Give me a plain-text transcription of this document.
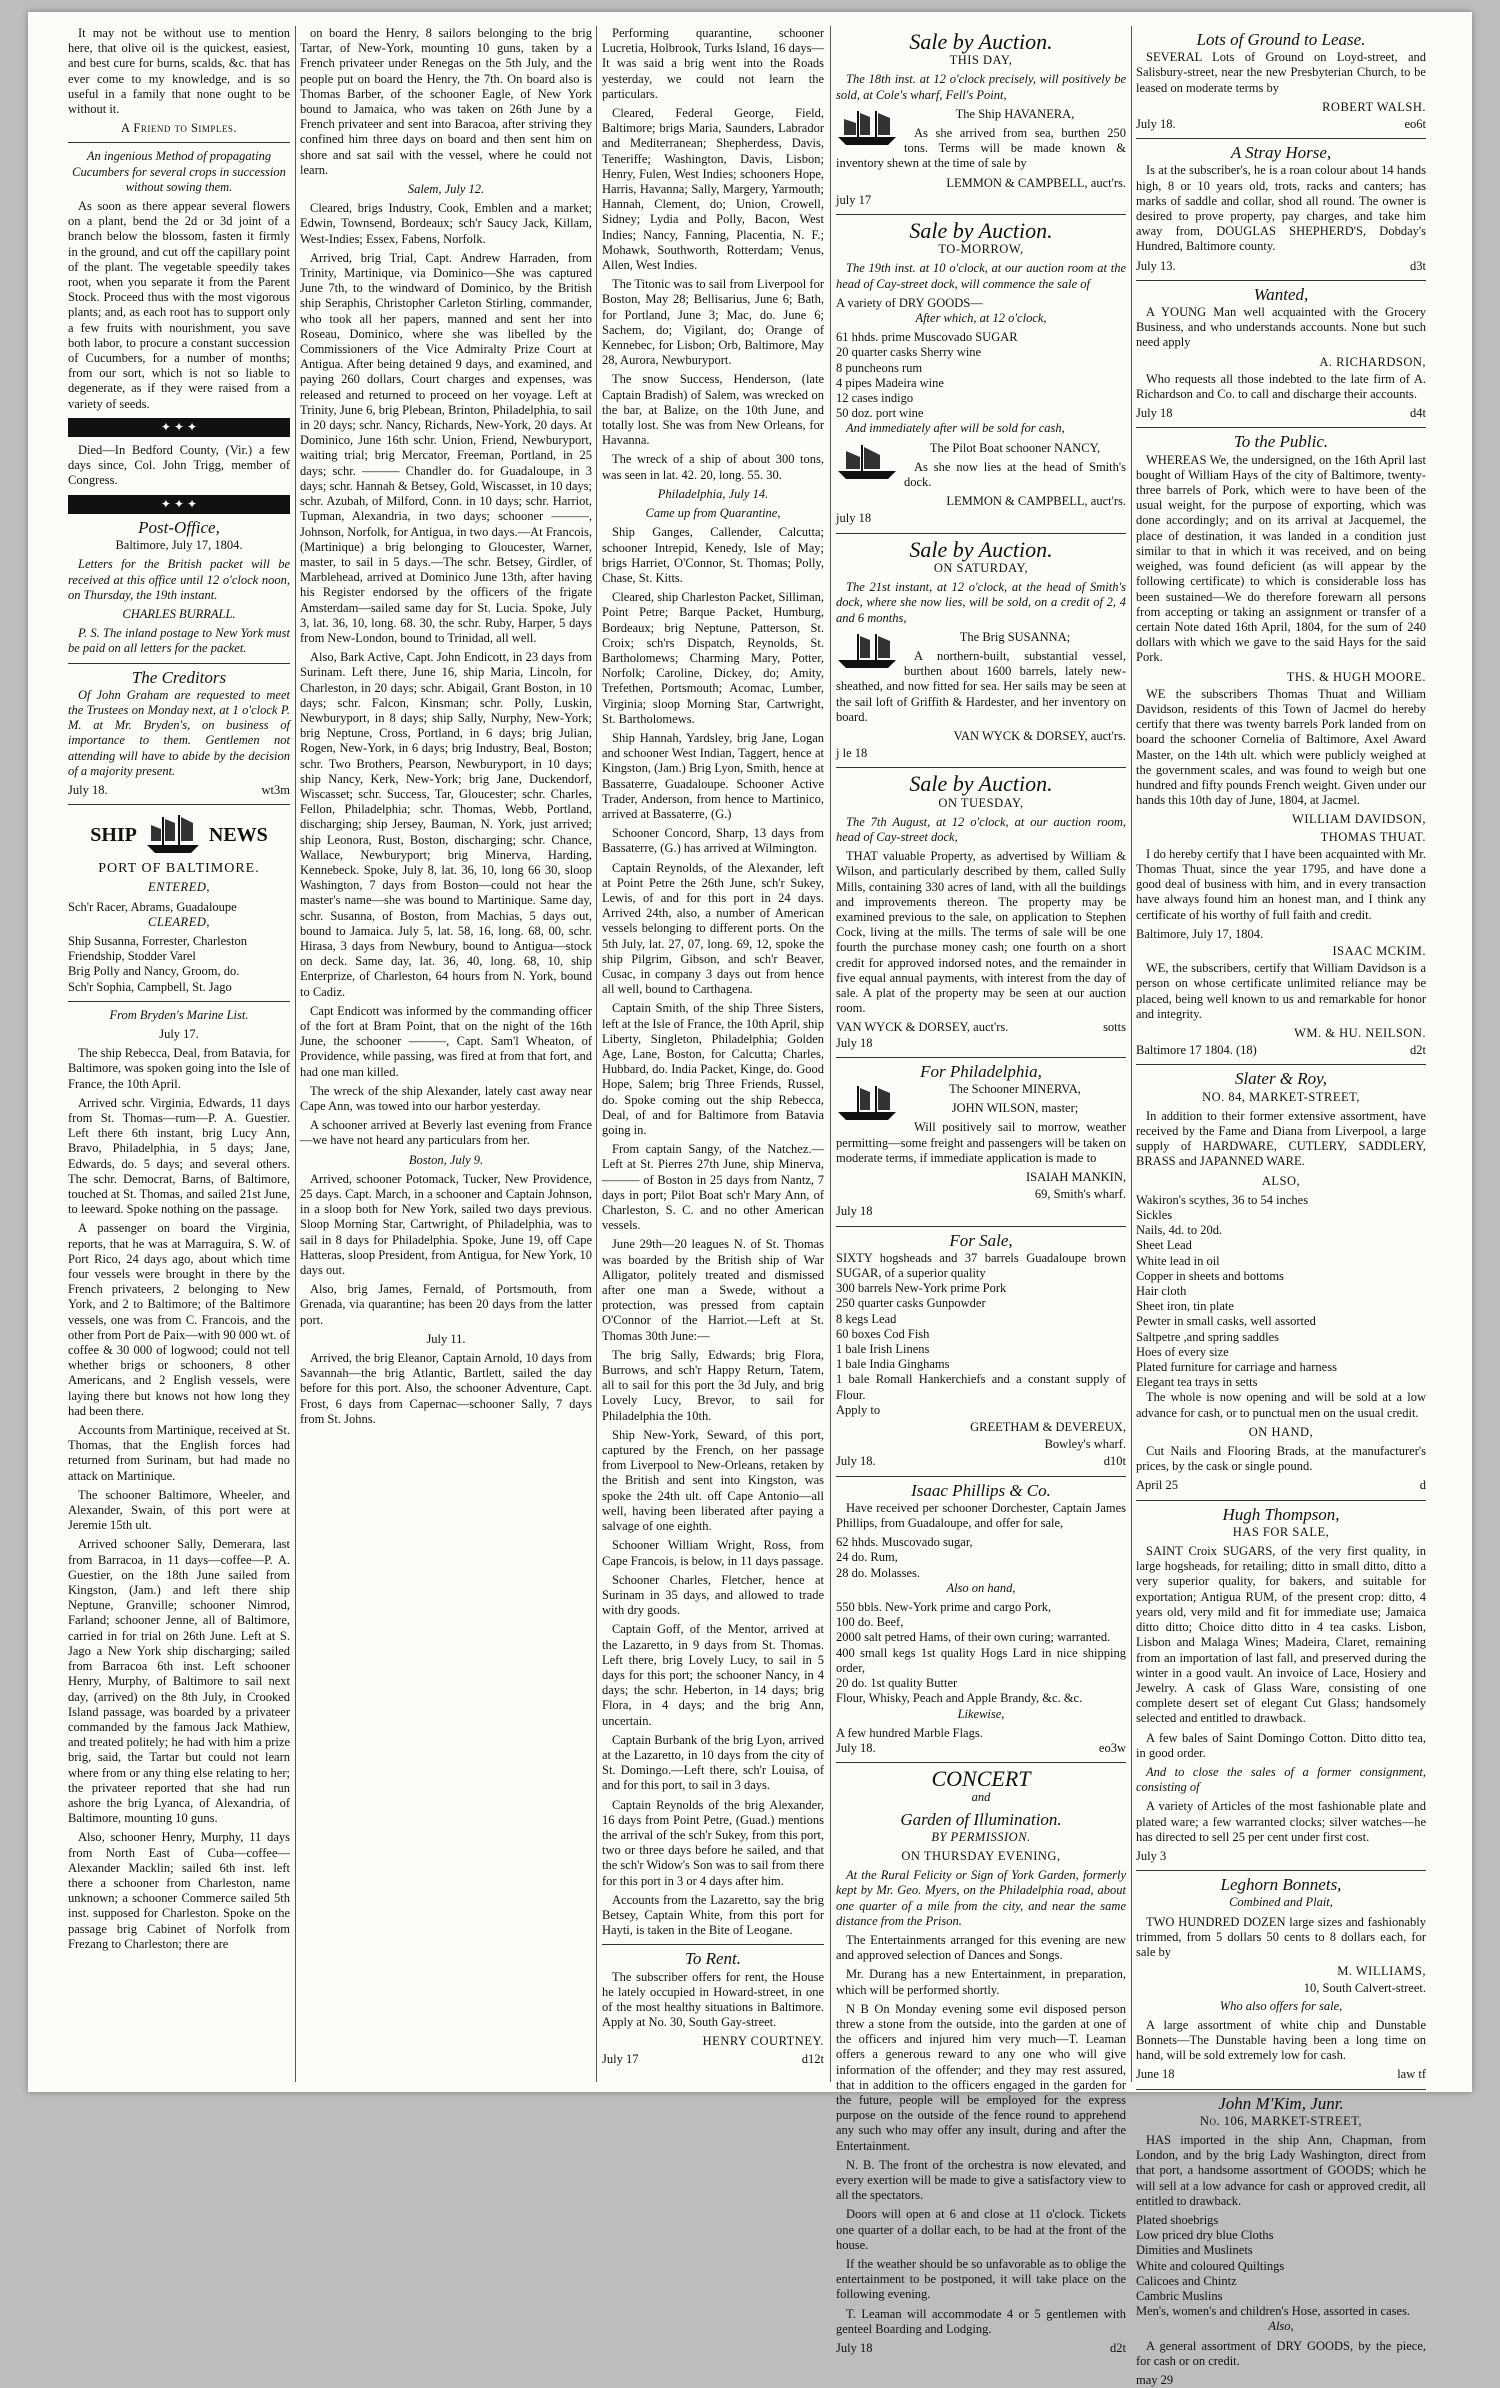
It may not be without use to mention here, that olive oil is the quickest, easiest, and best cure for burns, scalds, &c. that has ever come to my knowledge, and is so useful in a family that none ought to be without it.

A Friend to Simples.

An ingenious Method of propagating Cucumbers for several crops in succession without sowing them.

As soon as there appear several flowers on a plant, bend the 2d or 3d joint of a branch below the blossom, fasten it firmly in the ground, and cut off the capillary point of the plant. The vegetable speedily takes root, when you separate it from the Parent Stock. Proceed thus with the most vigorous plants; and, as each root has to support only a few fruits with nourishment, you save both labor, to procure a constant succession of Cucumbers, for a number of months; from our sort, which is not so liable to degenerate, as if they were raised from a variety of seeds.

✦ ✦ ✦

Died—In Bedford County, (Vir.) a few days since, Col. John Trigg, member of Congress.

✦ ✦ ✦
Post-Office,

Baltimore, July 17, 1804.

Letters for the British packet will be received at this office until 12 o'clock noon, on Thursday, the 19th instant.

CHARLES BURRALL.

P. S. The inland postage to New York must be paid on all letters for the packet.

The Creditors

Of John Graham are requested to meet the Trustees on Monday next, at 1 o'clock P. M. at Mr. Bryden's, on business of importance to them. Gentlemen not attending will have to abide by the decision of a majority present.

July 18.	wt3m

SHIP	NEWS
PORT OF BALTIMORE.

ENTERED,

Sch'r Racer, Abrams, Guadaloupe

CLEARED,

Ship Susanna, Forrester, Charleston

Friendship, Stodder Varel

Brig Polly and Nancy, Groom, do.

Sch'r Sophia, Campbell, St. Jago

From Bryden's Marine List.

July 17.

The ship Rebecca, Deal, from Batavia, for Baltimore, was spoken going into the Isle of France, the 10th April.

Arrived schr. Virginia, Edwards, 11 days from St. Thomas—rum—P. A. Guestier. Left there 6th instant, brig Lucy Ann, Bravo, Philadelphia, in 5 days; Jane, Edwards, do. 5 days; and several others. The schr. Democrat, Barns, of Baltimore, touched at St. Thomas, and sailed 21st June, to leeward. Spoke nothing on the passage.

A passenger on board the Virginia, reports, that he was at Marraguira, S. W. of Port Rico, 24 days ago, about which time four vessels were brought in there by the French privateers, 2 belonging to New York, and 2 to Baltimore; of the Baltimore vessels, one was from C. Francois, and the other from Port de Paix—with 90 000 wt. of coffee & 30 000 of logwood; could not tell whether brigs or schooners, 8 other Americans, and 2 English vessels, were laying there but knows not how long they had been there.

Accounts from Martinique, received at St. Thomas, that the English forces had returned from Surinam, but had made no attack on Martinique.

The schooner Baltimore, Wheeler, and Alexander, Swain, of this port were at Jeremie 15th ult.

Arrived schooner Sally, Demerara, last from Barracoa, in 11 days—coffee—P. A. Guestier, on the 18th June sailed from Kingston, (Jam.) and left there ship Neptune, Granville; schooner Nimrod, Farland; schooner Jenne, all of Baltimore, carried in for trial on 26th June. Left at S. Jago a New York ship discharging; sailed from Barracoa 6th inst. Left schooner Henry, Murphy, of Baltimore to sail next day, (arrived) on the 8th July, in Crooked Island passage, was boarded by a privateer commanded by the famous Jack Mathiew, and treated politely; he had with him a prize brig, said, the Tartar but could not learn where from or any thing else relating to her; the privateer reported that she had run ashore the brig Lyanca, of Alexandria, of Baltimore, mounting 10 guns.

Also, schooner Henry, Murphy, 11 days from North East of Cuba—coffee—Alexander Macklin; sailed 6th inst. left there a schooner from Charleston, name unknown; a schooner Commerce sailed 5th inst. supposed for Charleston. Spoke on the passage brig Cabinet of Norfolk from Frezang to Charleston; there are

on board the Henry, 8 sailors belonging to the brig Tartar, of New-York, mounting 10 guns, taken by a French privateer under Renegas on the 5th July, and the people put on board the Henry, the 7th. On board also is Thomas Barber, of the schooner Eagle, of New York bound to Jamaica, who was taken on 26th June by a French privateer and sent into Baracoa, after striving they confined him three days on board and then sent him on shore and sat sail with the vessel, where he could not learn.

Salem, July 12.

Cleared, brigs Industry, Cook, Emblen and a market; Edwin, Townsend, Bordeaux; sch'r Saucy Jack, Killam, West-Indies; Essex, Fabens, Norfolk.

Arrived, brig Trial, Capt. Andrew Harraden, from Trinity, Martinique, via Dominico—She was captured June 7th, to the windward of Dominico, by the British ship Seraphis, Christopher Carleton Stirling, commander, who took all her papers, manned and sent her into Roseau, Dominico, where she was libelled by the Commissioners of the Vice Admiralty Prize Court at Antigua. After being detained 9 days, and examined, and paying 260 dollars, Court charges and expenses, was released and returned to proceed on her voyage. Left at Trinity, June 6, brig Plebean, Brinton, Philadelphia, to sail in 20 days; schr. Nancy, Richards, New-York, 20 days. At Dominico, June 16th schr. Union, Friend, Newburyport, waiting trial; brig Mercator, Freeman, Portland, in 25 days; schr. ——— Chandler do. for Guadaloupe, in 3 days; schr. Hannah & Betsey, Gold, Wiscasset, in 10 days; schr. Azubah, of Milford, Conn. in 10 days; schr. Harriot, Tupman, Alexandria, in two days; schooner ———, Johnson, Norfolk, for Antigua, in two days.—At Francois, (Martinique) a brig belonging to Gloucester, Warner, master, to sail in 5 days.—The schr. Betsey, Girdler, of Marblehead, arrived at Dominico June 13th, after having his Register endorsed by the officers of the frigate Amsterdam—sailed same day for St. Lucia. Spoke, July 3, lat. 36, 10, long. 68. 30, the schr. Ruby, Harper, 5 days from New-London, bound to Trinidad, all well.

Also, Bark Active, Capt. John Endicott, in 23 days from Surinam. Left there, June 16, ship Maria, Lincoln, for Charleston, in 20 days; schr. Abigail, Grant Boston, in 10 days; schr. Falcon, Kinsman; schr. Polly, Luskin, Newburyport, in 8 days; ship Sally, Nurphy, New-York; brig Neptune, Cross, Portland, in 6 days; brig Julian, Rogen, New-York, in 6 days; brig Industry, Beal, Boston; schr. Two Brothers, Pearson, Newburyport, in 10 days; ship Nancy, Kerk, New-York; brig Jane, Duckendorf, Wiscasset; schr. Success, Tar, Gloucester; schr. Charles, Fellon, Philadelphia; schr. Thomas, Webb, Portland, discharging; ship Jersey, Bauman, N. York, just arrived; ship Leonora, Rust, Boston, discharging; schr. Chance, Wallace, Newburyport; brig Minerva, Harding, Kennebeck. Spoke, July 8, lat. 36, 10, long 66 30, sloop Washington, 7 days from Boston—could not hear the master's name—she was bound to Martinique. Same day, schr. Susanna, of Boston, from Machias, 5 days out, bound to Jamaica. July 5, lat. 58, 16, long. 68, 00, schr. Hirasa, 3 days from Newbury, bound to Antigua—stock on deck. Same day, lat. 36, 40, long. 68, 10, ship Enterprize, of Charleston, 64 hours from N. York, bound to Cadiz.

Capt Endicott was informed by the commanding officer of the fort at Bram Point, that on the night of the 16th June, the schooner ———, Capt. Sam'l Wheaton, of Providence, while passing, was fired at from that fort, and had one man killed.

The wreck of the ship Alexander, lately cast away near Cape Ann, was towed into our harbor yesterday.

A schooner arrived at Beverly last evening from France—we have not heard any particulars from her.

Boston, July 9.

Arrived, schooner Potomack, Tucker, New Providence, 25 days. Capt. March, in a schooner and Captain Johnson, in a sloop both for New York, sailed two days previous. Sloop Morning Star, Cartwright, of Philadelphia, was to sail in 8 days for Philadelphia. Spoke, June 19, off Cape Hatteras, sloop President, from Antigua, for New York, 10 days out.

Also, brig James, Fernald, of Portsmouth, from Grenada, via quarantine; has been 20 days from the latter port.

July 11.

Arrived, the brig Eleanor, Captain Arnold, 10 days from Savannah—the brig Atlantic, Bartlett, sailed the day before for this port. Also, the schooner Adventure, Capt. Frost, 6 days from Capernac—schooner Sally, 7 days from St. Johns.

Performing quarantine, schooner Lucretia, Holbrook, Turks Island, 16 days—It was said a brig went into the Roads yesterday, we could not learn the particulars.

Cleared, Federal George, Field, Baltimore; brigs Maria, Saunders, Labrador and Mediterranean; Shepherdess, Davis, Teneriffe; Washington, Davis, Lisbon; Henry, Fulen, West Indies; schooners Hope, Harris, Havanna; Sally, Margery, Yarmouth; Hannah, Clement, do; Union, Crowell, Sidney; Lydia and Polly, Bacon, West Indies; Nancy, Fanning, Placentia, N. F.; Mohawk, Southworth, Rotterdam; Venus, Allen, West Indies.

The Titonic was to sail from Liverpool for Boston, May 28; Bellisarius, June 6; Bath, for Portland, June 3; Mac, do. June 6; Sachem, do; Vigilant, do; Orange of Kennebec, for Lisbon; Orb, Baltimore, May 28, Aurora, Newburyport.

The snow Success, Henderson, (late Captain Bradish) of Salem, was wrecked on the bar, at Balize, on the 10th June, and totally lost. She was from New Orleans, for Havanna.

The wreck of a ship of about 300 tons, was seen in lat. 42. 20, long. 55. 30.

Philadelphia, July 14.

Came up from Quarantine,

Ship Ganges, Callender, Calcutta; schooner Intrepid, Kenedy, Isle of May; brigs Harriet, O'Connor, St. Thomas; Polly, Chase, St. Kitts.

Cleared, ship Charleston Packet, Silliman, Point Petre; Barque Packet, Humburg, Bordeaux; brig Neptune, Patterson, St. Croix; sch'rs Dispatch, Reynolds, St. Bartholomews; Charming Mary, Potter, Norfolk; Caroline, Dickey, do; Amity, Trefethen, Portsmouth; Acomac, Lumber, Virginia; sloop Morning Star, Cartwright, St. Bartholomews.

Ship Hannah, Yardsley, brig Jane, Logan and schooner West Indian, Taggert, hence at Kingston, (Jam.) Brig Lyon, Smith, hence at Bassaterre, Guadaloupe. Schooner Active Trader, Anderson, from hence to Martinico, arrived at Bassaterre, (G.)

Schooner Concord, Sharp, 13 days from Bassaterre, (G.) has arrived at Wilmington.

Captain Reynolds, of the Alexander, left at Point Petre the 26th June, sch'r Sukey, Lewis, of and for this port in 24 days. Arrived 24th, also, a number of American vessels belonging to different ports. On the 5th July, lat. 27, 07, long. 69, 12, spoke the ship Pilgrim, Gibson, and sch'r Beaver, Cusac, in company 3 days out from hence all well, bound to Carthagena.

Captain Smith, of the ship Three Sisters, left at the Isle of France, the 10th April, ship Liberty, Singleton, Philadelphia; Golden Age, Lane, Boston, for Calcutta; Charles, Hubbard, do. India Packet, Kinge, do. Good Hope, Salem; brig Three Friends, Russel, do. Spoke coming out the ship Rebecca, Deal, of and for Baltimore from Batavia going in.

From captain Sangy, of the Natchez.—Left at St. Pierres 27th June, ship Minerva, ——— of Boston in 25 days from Nantz, 7 days in port; Pilot Boat sch'r Mary Ann, of Charleston, S. C. and no other American vessels.

June 29th—20 leagues N. of St. Thomas was boarded by the British ship of War Alligator, politely treated and dismissed after one man a Swede, without a protection, was pressed from captain O'Connor of the Harriot.—Left at St. Thomas 30th June:—

The brig Sally, Edwards; brig Flora, Burrows, and sch'r Happy Return, Tatem, all to sail for this port the 3d July, and brig Lovely Lucy, Brevor, to sail for Philadelphia the 10th.

Ship New-York, Seward, of this port, captured by the French, on her passage from Liverpool to New-Orleans, retaken by the British and sent into Kingston, was spoke the 24th ult. off Cape Antonio—all well, having been liberated after paying a salvage of one eighth.

Schooner William Wright, Ross, from Cape Francois, is below, in 11 days passage.

Schooner Charles, Fletcher, hence at Surinam in 35 days, and allowed to trade with dry goods.

Captain Goff, of the Mentor, arrived at the Lazaretto, in 9 days from St. Thomas. Left there, brig Lovely Lucy, to sail in 5 days for this port; the schooner Nancy, in 4 days; the schr. Heberton, in 14 days; brig Flora, in 4 days; and the brig Ann, uncertain.

Captain Burbank of the brig Lyon, arrived at the Lazaretto, in 10 days from the city of St. Domingo.—Left there, sch'r Louisa, of and for this port, to sail in 3 days.

Captain Reynolds of the brig Alexander, 16 days from Point Petre, (Guad.) mentions the arrival of the sch'r Sukey, from this port, two or three days before he sailed, and that the sch'r Widow's Son was to sail from there for this port in 3 or 4 days after him.

Accounts from the Lazaretto, say the brig Betsey, Captain White, from this port for Hayti, is taken in the Bite of Leogane.

To Rent.

The subscriber offers for rent, the House he lately occupied in Howard-street, in one of the most healthy situations in Baltimore. Apply at No. 30, South Gay-street.

HENRY COURTNEY.

July 17	d12t

Sale by Auction.

THIS DAY,

The 18th inst. at 12 o'clock precisely, will positively be sold, at Cole's wharf, Fell's Point,

The Ship HAVANERA,

As she arrived from sea, burthen 250 tons. Terms will be made known & inventory shewn at the time of sale by

LEMMON & CAMPBELL, auct'rs.

july 17

Sale by Auction.

TO-MORROW,

The 19th inst. at 10 o'clock, at our auction room at the head of Cay-street dock, will commence the sale of

A variety of DRY GOODS—

After which, at 12 o'clock,

61 hhds. prime Muscovado SUGAR

20 quarter casks Sherry wine

8 puncheons rum

4 pipes Madeira wine

12 cases indigo

50 doz. port wine

And immediately after will be sold for cash,

The Pilot Boat schooner NANCY,

As she now lies at the head of Smith's dock.

LEMMON & CAMPBELL, auct'rs.

july 18

Sale by Auction.

ON SATURDAY,

The 21st instant, at 12 o'clock, at the head of Smith's dock, where she now lies, will be sold, on a credit of 2, 4 and 6 months,

The Brig SUSANNA;

A northern-built, substantial vessel, burthen about 1600 barrels, lately new-sheathed, and now fitted for sea. Her sails may be seen at the sail loft of Griffith & Hardester, and her inventory on board.

VAN WYCK & DORSEY, auct'rs.

j le 18

Sale by Auction.

ON TUESDAY,

The 7th August, at 12 o'clock, at our auction room, head of Cay-street dock,

THAT valuable Property, as advertised by William & Wilson, and particularly described by them, called Sully Mills, containing 330 acres of land, with all the buildings and improvements thereon. The property may be examined previous to the sale, on application to Stephen Cock, living at the mills. The terms of sale will be one fourth the purchase money cash; one fourth on a short credit for approved indorsed notes, and the remainder in five equal annual payments, with interest from the day of sale. A plat of the property may be seen at our auction room.

VAN WYCK & DORSEY, auct'rs.	sotts

July 18

For Philadelphia,

The Schooner MINERVA,

JOHN WILSON, master;

Will positively sail to morrow, weather permitting—some freight and passengers will be taken on moderate terms, if immediate application is made to

ISAIAH MANKIN,

69, Smith's wharf.

July 18

For Sale,

SIXTY hogsheads and 37 barrels Guadaloupe brown SUGAR, of a superior quality

300 barrels New-York prime Pork

250 quarter casks Gunpowder

8 kegs Lead

60 boxes Cod Fish

1 bale Irish Linens

1 bale India Ginghams

1 bale Romall Hankerchiefs and a constant supply of Flour.

Apply to

GREETHAM & DEVEREUX,

Bowley's wharf.

July 18.	d10t

Isaac Phillips & Co.

Have received per schooner Dorchester, Captain James Phillips, from Guadaloupe, and offer for sale,

62 hhds. Muscovado sugar,

24 do. Rum,

28 do. Molasses.

Also on hand,

550 bbls. New-York prime and cargo Pork,

100 do. Beef,

2000 salt petred Hams, of their own curing; warranted.

400 small kegs 1st quality Hogs Lard in nice shipping order,

20 do. 1st quality Butter

Flour, Whisky, Peach and Apple Brandy, &c. &c.

Likewise,

A few hundred Marble Flags.

July 18.	eo3w

CONCERT

and

Garden of Illumination.

BY PERMISSION.

ON THURSDAY EVENING,

At the Rural Felicity or Sign of York Garden, formerly kept by Mr. Geo. Myers, on the Philadelphia road, about one quarter of a mile from the city, and near the same distance from the Prison.

The Entertainments arranged for this evening are new and approved selection of Dances and Songs.

Mr. Durang has a new Entertainment, in preparation, which will be performed shortly.

N B On Monday evening some evil disposed person threw a stone from the outside, into the garden at one of the officers and injured him very much—T. Leaman offers a generous reward to any one who will give information of the offender; and they may rest assured, that in addition to the officers engaged in the garden for the future, people will be employed for the express purpose on the outside of the fence round to apprehend any such who may offer any insult, during and after the Entertainment.

N. B. The front of the orchestra is now elevated, and every exertion will be made to give a satisfactory view to all the spectators.

Doors will open at 6 and close at 11 o'clock. Tickets one quarter of a dollar each, to be had at the front of the house.

If the weather should be so unfavorable as to oblige the entertainment to be postponed, it will take place on the following evening.

T. Leaman will accommodate 4 or 5 gentlemen with genteel Boarding and Lodging.

July 18	d2t

Lots of Ground to Lease.

SEVERAL Lots of Ground on Loyd-street, and Salisbury-street, near the new Presbyterian Church, to be leased on moderate terms by

ROBERT WALSH.

July 18.	eo6t

A Stray Horse,

Is at the subscriber's, he is a roan colour about 14 hands high, 8 or 10 years old, trots, racks and canters; has marks of saddle and collar, shod all round. The owner is desired to prove property, pay charges, and take him away from, DOUGLAS SHEPHERD'S, Dobday's Hundred, Baltimore county.

July 13.	d3t

Wanted,

A YOUNG Man well acquainted with the Grocery Business, and who understands accounts. None but such need apply

A. RICHARDSON,

Who requests all those indebted to the late firm of A. Richardson and Co. to call and discharge their accounts.

July 18	d4t

To the Public.

WHEREAS We, the undersigned, on the 16th April last bought of William Hays of the city of Baltimore, twenty-three barrels of Pork, which were to have been of the usual weight, for the purpose of exporting, which was done accordingly; and on its arrival at Jacquemel, the place of destination, it was landed in a condition just similar to that in which it was received, and on being weighed, was found deficient (as will appear by the following certificate) to which is considerable loss has been sustained—We do therefore forewarn all persons from accepting or taking an assignment or transfer of a certain Note dated 16th April, 1804, for the sum of 240 dollars with which we gave to the said Hays for the said Pork.

THS. & HUGH MOORE.

WE the subscribers Thomas Thuat and William Davidson, residents of this Town of Jacmel do hereby certify that there was twenty barrels Pork landed from on board the schooner Cornelia of Baltimore, Axel Award Master, on the 14th ult. which were publicly weighed at the government scales, and was found to weigh but one hundred and fifty pounds French weight. Given under our hands this 10th day of June, 1804, at Jacmel.

WILLIAM DAVIDSON,

THOMAS THUAT.

I do hereby certify that I have been acquainted with Mr. Thomas Thuat, since the year 1795, and have done a good deal of business with him, and in every transaction have always found him an honest man, and I think any certificate of his worthy of full faith and credit.

Baltimore, July 17, 1804.

ISAAC MCKIM.

WE, the subscribers, certify that William Davidson is a person on whose certificate unlimited reliance may be placed, being well known to us and remarkable for honor and integrity.

WM. & HU. NEILSON.

Baltimore 17 1804. (18)	d2t

Slater & Roy,

NO. 84, MARKET-STREET,

In addition to their former extensive assortment, have received by the Fame and Diana from Liverpool, a large supply of HARDWARE, CUTLERY, SADDLERY, BRASS and JAPANNED WARE.

ALSO,

Wakiron's scythes, 36 to 54 inches

Sickles

Nails, 4d. to 20d.

Sheet Lead

White lead in oil

Copper in sheets and bottoms

Hair cloth

Sheet iron, tin plate

Pewter in small casks, well assorted

Saltpetre ,and spring saddles

Hoes of every size

Plated furniture for carriage and harness

Elegant tea trays in setts

The whole is now opening and will be sold at a low advance for cash, or to punctual men on the usual credit.

ON HAND,

Cut Nails and Flooring Brads, at the manufacturer's prices, by the cask or single pound.

April 25	d

Hugh Thompson,

HAS FOR SALE,

SAINT Croix SUGARS, of the very first quality, in large hogsheads, for retailing; ditto in small ditto, ditto a very superior quality, for bakers, and suitable for exportation; Antigua RUM, of the present crop: ditto, 4 years old, very mild and fit for immediate use; Jamaica ditto ditto; Choice ditto ditto in 4 tea casks. Lisbon, Lisbon and Malaga Wines; Madeira, Claret, remaining from an importation of last fall, and preserved during the winter in a good vault. An invoice of Lace, Hosiery and Jewelry. A cask of Glass Ware, consisting of one complete desert set of elegant Cut Glass; handsomely selected and entitled to drawback.

A few bales of Saint Domingo Cotton. Ditto ditto tea, in good order.

And to close the sales of a former consignment, consisting of

A variety of Articles of the most fashionable plate and plated ware; a few warranted clocks; silver watches—he has directed to sell 25 per cent under first cost.

July 3

Leghorn Bonnets,

Combined and Plait,

TWO HUNDRED DOZEN large sizes and fashionably trimmed, from 5 dollars 50 cents to 8 dollars each, for sale by

M. WILLIAMS,

10, South Calvert-street.

Who also offers for sale,

A large assortment of white chip and Dunstable Bonnets—The Dunstable having been a long time on hand, will be sold extremely low for cash.

June 18	law tf

John M'Kim, Junr.

No. 106, MARKET-STREET,

HAS imported in the ship Ann, Chapman, from London, and by the brig Lady Washington, direct from that port, a handsome assortment of GOODS; which he will sell at a low advance for cash or approved credit, all entitled to drawback.

Plated shoebrigs

Low priced dry blue Cloths

Dimities and Muslinets

White and coloured Quiltings

Calicoes and Chintz

Cambric Muslins

Men's, women's and children's Hose, assorted in cases.

Also,

A general assortment of DRY GOODS, by the piece, for cash or on credit.

may 29
